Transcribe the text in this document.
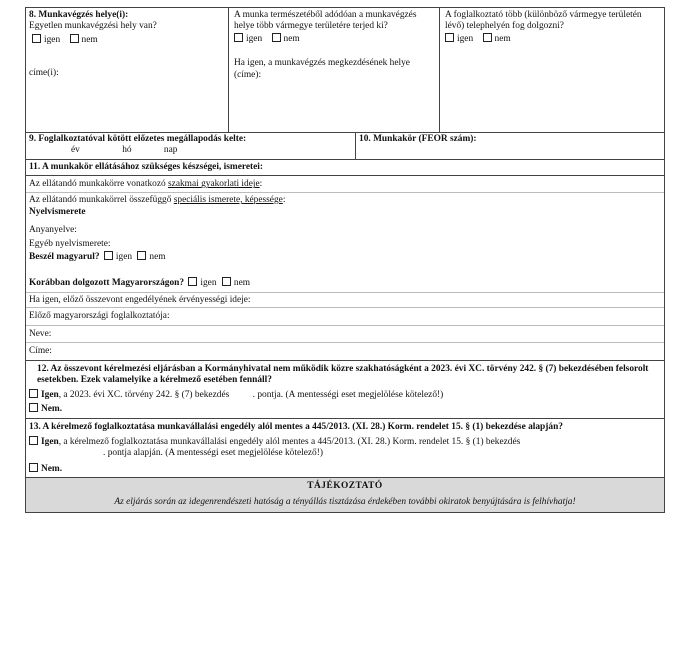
8. Munkavégzés helye(i):
Egyetlen munkavégzési hely van?
igen nem
címe(i):
A munka természetéből adódóan a munkavégzés helye több vármegye területére terjed ki?
igen nem
Ha igen, a munkavégzés megkezdésének helye (címe):
A foglalkoztató több (különböző vármegye területén lévő) telephelyén fog dolgozni?
igen nem
9. Foglalkoztatóval kötött előzetes megállapodás kelte:
év	hó	nap
10. Munkakör (FEOR szám):
11. A munkakör ellátásához szükséges készségei, ismeretei:
Az ellátandó munkakörre vonatkozó szakmai gyakorlati ideje:
Az ellátandó munkakörrel összefüggő speciális ismerete, képessége:
Nyelvismerete
Anyanyelve:
Egyéb nyelvismerete:
Beszél magyarul? igen nem
Korábban dolgozott Magyarországon? igen nem
Ha igen, előző összevont engedélyének érvényességi ideje:
Előző magyarországi foglalkoztatója:
Neve:
Címe:
12. Az összevont kérelmezési eljárásban a Kormányhivatal nem működik közre szakhatóságként a 2023. évi XC. törvény 242. § (7) bekezdésében felsorolt esetekben. Ezek valamelyike a kérelmező esetében fennáll?
Igen, a 2023. évi XC. törvény 242. § (7) bekezdés          . pontja. (A mentességi eset megjelölése kötelező!)
Nem.
13. A kérelmező foglalkoztatása munkavállalási engedély alól mentes a 445/2013. (XI. 28.) Korm. rendelet 15. § (1) bekezdése alapján?
Igen, a kérelmező foglalkoztatása munkavállalási engedély alól mentes a 445/2013. (XI. 28.) Korm. rendelet 15. § (1) bekezdés
. pontja alapján. (A mentességi eset megjelölése kötelező!)
Nem.
TÁJÉKOZTATÓ
Az eljárás során az idegenrendészeti hatóság a tényállás tisztázása érdekében további okiratok benyújtására is felhívhatja!
